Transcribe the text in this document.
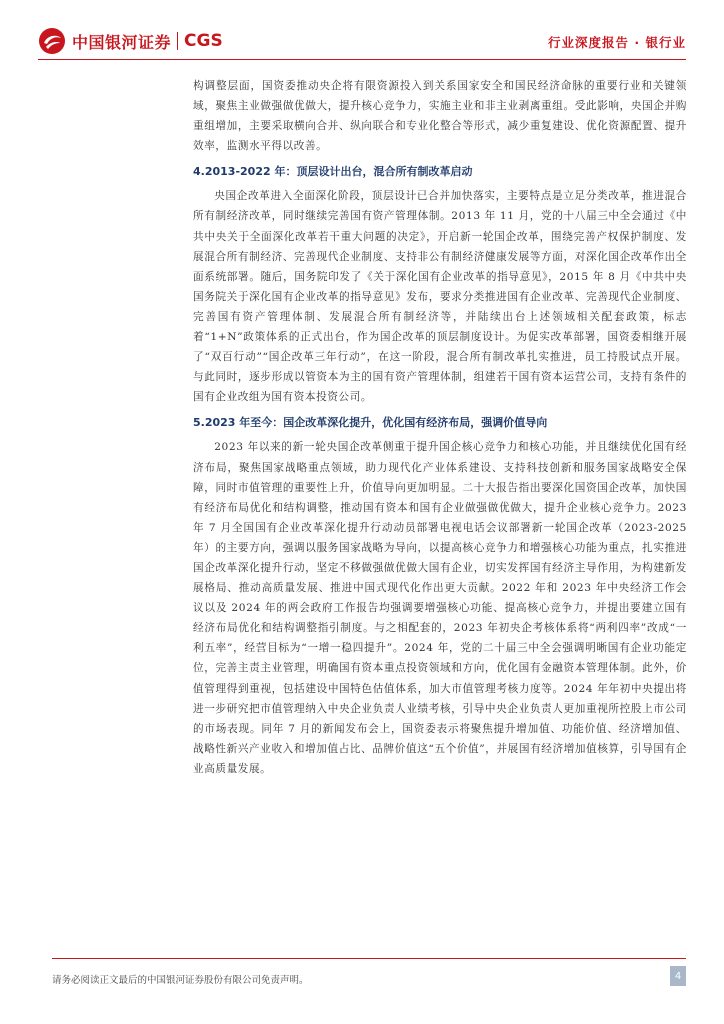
中国银河证券 CGS	行业深度报告 · 银行业

构调整层面，国资委推动央企将有限资源投入到关系国家安全和国民经济命脉的重要行业和关键领域，聚焦主业做强做优做大，提升核心竞争力，实施主业和非主业剥离重组。受此影响，央国企并购重组增加，主要采取横向合并、纵向联合和专业化整合等形式，减少重复建设、优化资源配置、提升效率，监测水平得以改善。

4.2013-2022 年：顶层设计出台，混合所有制改革启动

央国企改革进入全面深化阶段，顶层设计已合并加快落实，主要特点是立足分类改革，推进混合所有制经济改革，同时继续完善国有资产管理体制。2013 年 11 月，党的十八届三中全会通过《中共中央关于全面深化改革若干重大问题的决定》，开启新一轮国企改革，围绕完善产权保护制度、发展混合所有制经济、完善现代企业制度、支持非公有制经济健康发展等方面，对深化国企改革作出全面系统部署。随后，国务院印发了《关于深化国有企业改革的指导意见》，2015 年 8 月《中共中央国务院关于深化国有企业改革的指导意见》发布，要求分类推进国有企业改革、完善现代企业制度、完善国有资产管理体制、发展混合所有制经济等，并陆续出台上述领域相关配套政策，标志着“1+N”政策体系的正式出台，作为国企改革的顶层制度设计。为促实改革部署，国资委相继开展了“双百行动”“国企改革三年行动”，在这一阶段，混合所有制改革扎实推进，员工持股试点开展。与此同时，逐步形成以管资本为主的国有资产管理体制，组建若干国有资本运营公司，支持有条件的国有企业改组为国有资本投资公司。

5.2023 年至今：国企改革深化提升，优化国有经济布局，强调价值导向

2023 年以来的新一轮央国企改革侧重于提升国企核心竞争力和核心功能，并且继续优化国有经济布局，聚焦国家战略重点领域，助力现代化产业体系建设、支持科技创新和服务国家战略安全保障，同时市值管理的重要性上升，价值导向更加明显。二十大报告指出要深化国资国企改革，加快国有经济布局优化和结构调整，推动国有资本和国有企业做强做优做大，提升企业核心竞争力。2023 年 7 月全国国有企业改革深化提升行动动员部署电视电话会议部署新一轮国企改革（2023-2025 年）的主要方向，强调以服务国家战略为导向，以提高核心竞争力和增强核心功能为重点，扎实推进国企改革深化提升行动，坚定不移做强做优做大国有企业，切实发挥国有经济主导作用，为构建新发展格局、推动高质量发展、推进中国式现代化作出更大贡献。2022 年和 2023 年中央经济工作会议以及 2024 年的两会政府工作报告均强调要增强核心功能、提高核心竞争力，并提出要建立国有经济布局优化和结构调整指引制度。与之相配套的，2023 年初央企考核体系将“两利四率”改成“一利五率”，经营目标为“一增一稳四提升”。2024 年，党的二十届三中全会强调明晰国有企业功能定位，完善主责主业管理，明确国有资本重点投资领域和方向，优化国有金融资本管理体制。此外，价值管理得到重视，包括建设中国特色估值体系，加大市值管理考核力度等。2024 年年初中央提出将进一步研究把市值管理纳入中央企业负责人业绩考核，引导中央企业负责人更加重视所控股上市公司的市场表现。同年 7 月的新闻发布会上，国资委表示将聚焦提升增加值、功能价值、经济增加值、战略性新兴产业收入和增加值占比、品牌价值这“五个价值”，并展国有经济增加值核算，引导国有企业高质量发展。

请务必阅读正文最后的中国银河证券股份有限公司免责声明。	4
